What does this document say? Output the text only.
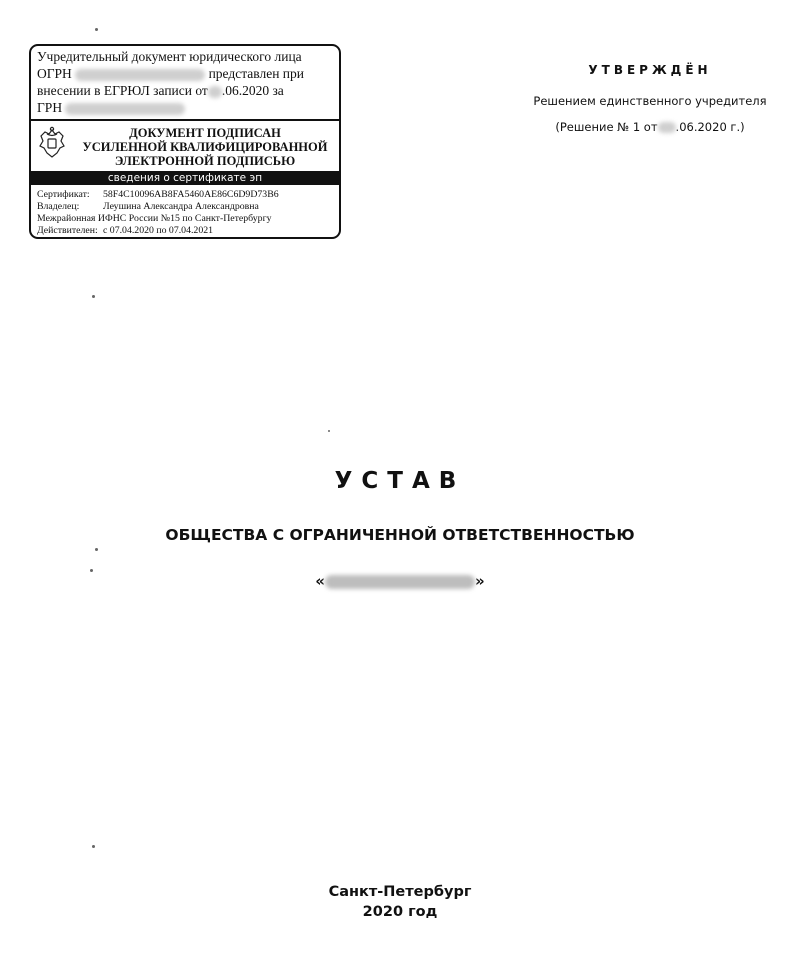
Учредительный документ юридического лица
ОГРН	представлен при
внесении в ЕГРЮЛ записи от .06.2020 за
ГРН
ДОКУМЕНТ ПОДПИСАН
УСИЛЕННОЙ КВАЛИФИЦИРОВАННОЙ
ЭЛЕКТРОННОЙ ПОДПИСЬЮ
сведения о сертификате эп
Сертификат: 58F4C10096AB8FA5460AE86C6D9D73B6
Владелец: Леушина Александра Александровна
Межрайонная ИФНС России №15 по Санкт-Петербургу
Действителен: с 07.04.2020 по 07.04.2021
УТВЕРЖДЁН
Решением единственного учредителя
(Решение № 1 от .06.2020 г.)
УСТАВ
ОБЩЕСТВА С ОГРАНИЧЕННОЙ ОТВЕТСТВЕННОСТЬЮ
«	»
Санкт-Петербург
2020 год
